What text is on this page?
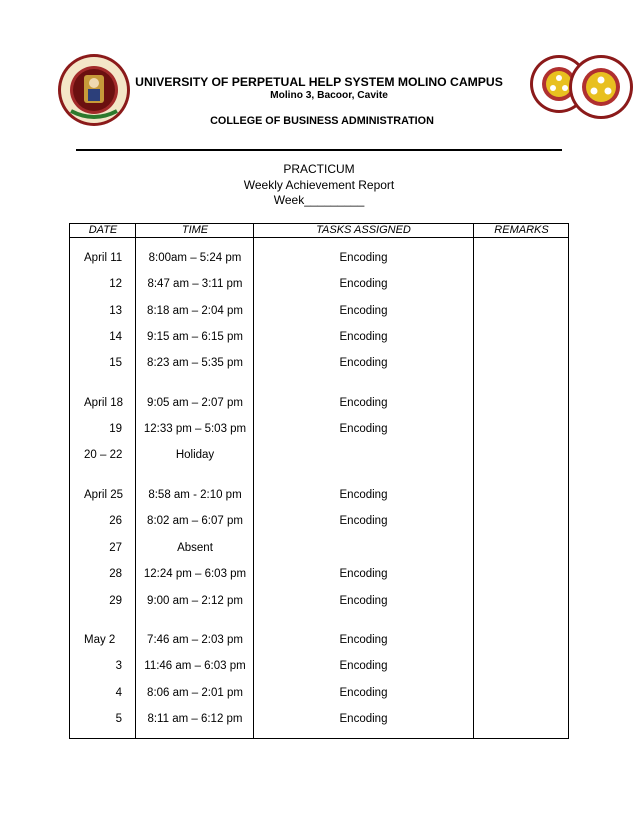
UNIVERSITY OF PERPETUAL HELP SYSTEM MOLINO CAMPUS
Molino 3, Bacoor, Cavite
COLLEGE OF BUSINESS ADMINISTRATION
PRACTICUM
Weekly Achievement Report
Week_________
DATE	TIME	TASKS ASSIGNED	REMARKS
April 11	8:00am – 5:24 pm	Encoding
12	8:47 am – 3:11 pm	Encoding
13	8:18 am – 2:04 pm	Encoding
14	9:15 am – 6:15 pm	Encoding
15	8:23 am – 5:35 pm	Encoding
April 18	9:05 am – 2:07 pm	Encoding
19	12:33 pm – 5:03 pm	Encoding
20 – 22	Holiday
April 25	8:58 am - 2:10 pm	Encoding
26	8:02 am – 6:07 pm	Encoding
27	Absent
28	12:24 pm – 6:03 pm	Encoding
29	9:00 am – 2:12 pm	Encoding
May 2	7:46 am – 2:03 pm	Encoding
3	11:46 am – 6:03 pm	Encoding
4	8:06 am – 2:01 pm	Encoding
5	8:11 am – 6:12 pm	Encoding
